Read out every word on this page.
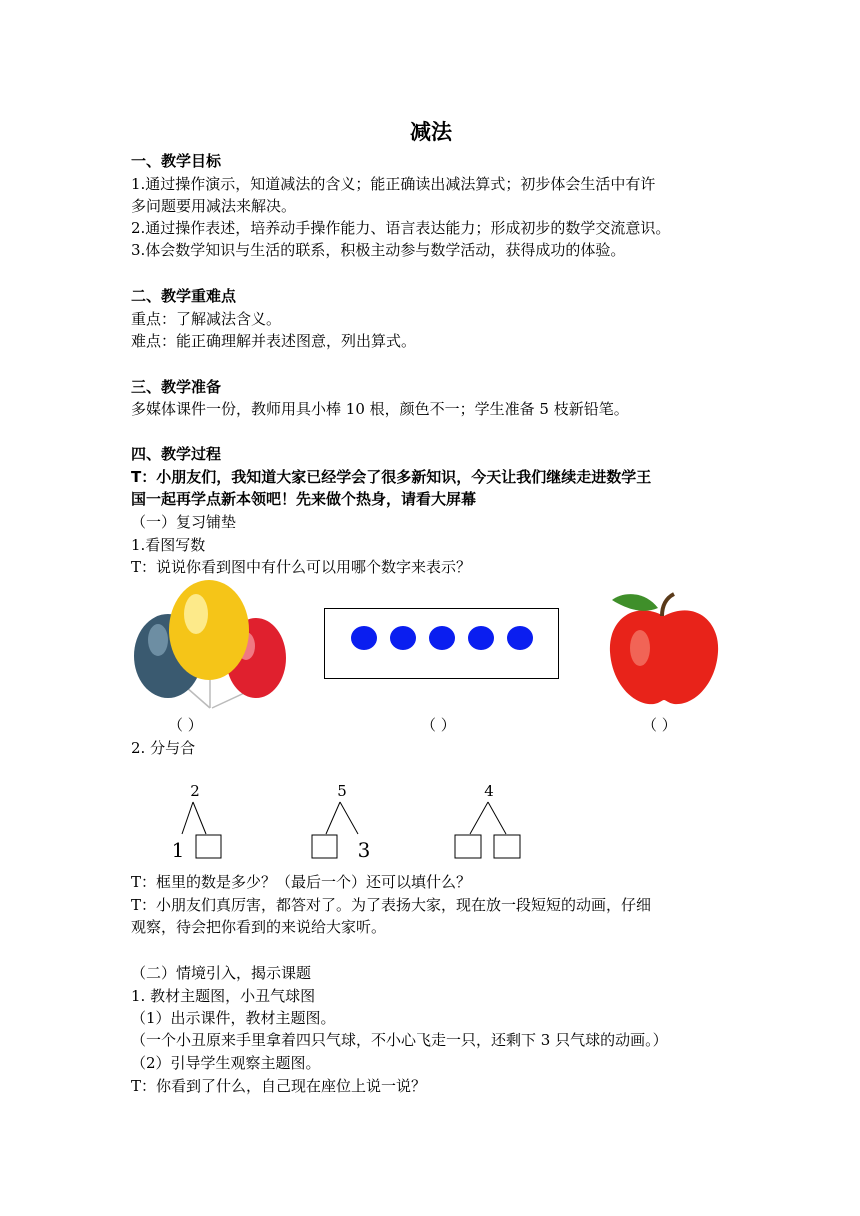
减法
一、教学目标
1.通过操作演示，知道减法的含义；能正确读出减法算式；初步体会生活中有许
多问题要用减法来解决。
2.通过操作表述，培养动手操作能力、语言表达能力；形成初步的数学交流意识。
3.体会数学知识与生活的联系，积极主动参与数学活动，获得成功的体验。
二、教学重难点
重点：了解减法含义。
难点：能正确理解并表述图意，列出算式。
三、教学准备
多媒体课件一份，教师用具小棒 10 根，颜色不一；学生准备 5 枝新铅笔。
四、教学过程
T：小朋友们，我知道大家已经学会了很多新知识，今天让我们继续走进数学王
国一起再学点新本领吧！先来做个热身，请看大屏幕
（一）复习铺垫
1.看图写数
T：说说你看到图中有什么可以用哪个数字来表示？
（ ）	（ ）	（ ）
2. 分与合
2
1
5
3
4
T：框里的数是多少？（最后一个）还可以填什么？
T：小朋友们真厉害，都答对了。为了表扬大家，现在放一段短短的动画，仔细
观察，待会把你看到的来说给大家听。
（二）情境引入，揭示课题
1. 教材主题图，小丑气球图
（1）出示课件，教材主题图。
（一个小丑原来手里拿着四只气球，不小心飞走一只，还剩下 3 只气球的动画。）
（2）引导学生观察主题图。
T：你看到了什么，自己现在座位上说一说？
